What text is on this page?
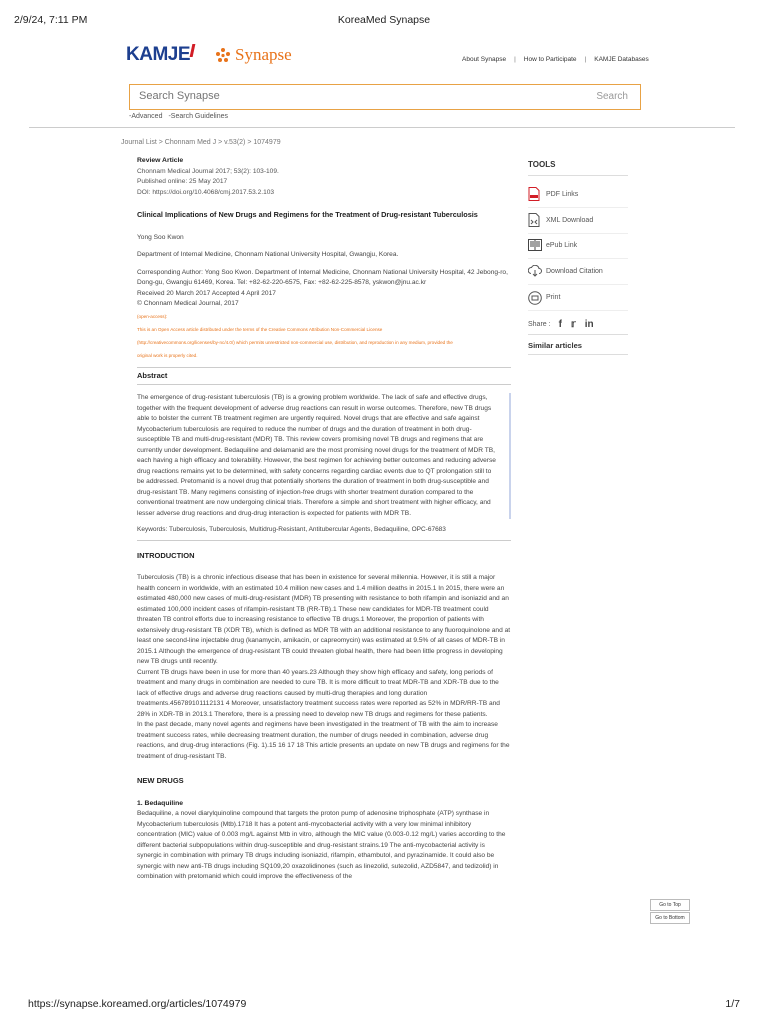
2/9/24, 7:11 PM	KoreaMed Synapse
KAMJE	Synapse	About Synapse | How to Participate | KAMJE Databases
Search Synapse
Search
-Advanced -Search Guidelines
Journal List > Chonnam Med J > v.53(2) > 1074979
Review Article
Chonnam Medical Journal 2017; 53(2): 103-109.
Published online: 25 May 2017
DOI: https://doi.org/10.4068/cmj.2017.53.2.103
Clinical Implications of New Drugs and Regimens for the Treatment of Drug-resistant Tuberculosis
Yong Soo Kwon
Department of Internal Medicine, Chonnam National University Hospital, Gwangju, Korea.
Corresponding Author: Yong Soo Kwon. Department of Internal Medicine, Chonnam National University Hospital, 42 Jebong-ro, Dong-gu, Gwangju 61469, Korea. Tel: +82-62-220-6575, Fax: +82-62-225-8578, yskwon@jnu.ac.kr
Received 20 March 2017 Accepted 4 April 2017
© Chonnam Medical Journal, 2017
(open-access):
This is an Open Access article distributed under the terms of the Creative Commons Attribution Non-Commercial License
(http://creativecommons.org/licenses/by-nc/4.0/) which permits unrestricted non-commercial use, distribution, and reproduction in any medium, provided the
original work is properly cited.
Abstract
The emergence of drug-resistant tuberculosis (TB) is a growing problem worldwide. The lack of safe and effective drugs, together with the frequent development of adverse drug reactions can result in worse outcomes. Therefore, new TB drugs able to bolster the current TB treatment regimen are urgently required. Novel drugs that are effective and safe against Mycobacterium tuberculosis are required to reduce the number of drugs and the duration of treatment in both drug-susceptible TB and multi-drug-resistant (MDR) TB. This review covers promising novel TB drugs and regimens that are currently under development. Bedaquiline and delamanid are the most promising novel drugs for the treatment of MDR TB, each having a high efficacy and tolerability. However, the best regimen for achieving better outcomes and reducing adverse drug reactions remains yet to be determined, with safety concerns regarding cardiac events due to QT prolongation still to be addressed. Pretomanid is a novel drug that potentially shortens the duration of treatment in both drug-susceptible and drug-resistant TB. Many regimens consisting of injection-free drugs with shorter treatment duration compared to the conventional treatment are now undergoing clinical trials. Therefore a simple and short treatment with higher efficacy, and lesser adverse drug reactions and drug-drug interaction is expected for patients with MDR TB.
Keywords: Tuberculosis, Tuberculosis, Multidrug-Resistant, Antitubercular Agents, Bedaquiline, OPC-67683
INTRODUCTION
Tuberculosis (TB) is a chronic infectious disease that has been in existence for several millennia. However, it is still a major health concern in worldwide, with an estimated 10.4 million new cases and 1.4 million deaths in 2015.1 In 2015, there were an estimated 480,000 new cases of multi-drug-resistant (MDR) TB presenting with resistance to both rifampin and isoniazid and an estimated 100,000 incident cases of rifampin-resistant TB (RR-TB).1 These new candidates for MDR-TB treatment could threaten TB control efforts due to increasing resistance to effective TB drugs.1 Moreover, the proportion of patients with extensively drug-resistant TB (XDR TB), which is defined as MDR TB with an additional resistance to any fluoroquinolone and at least one second-line injectable drug (kanamycin, amikacin, or capreomycin) was estimated at 9.5% of all cases of MDR-TB in 2015.1 Although the emergence of drug-resistant TB could threaten global health, there had been little progress in developing new TB drugs until recently.
Current TB drugs have been in use for more than 40 years.23 Although they show high efficacy and safety, long periods of treatment and many drugs in combination are needed to cure TB. It is more difficult to treat MDR-TB and XDR-TB due to the lack of effective drugs and adverse drug reactions caused by multi-drug therapies and long duration treatments.456789101112131 4 Moreover, unsatisfactory treatment success rates were reported as 52% in MDR/RR-TB and 28% in XDR-TB in 2013.1 Therefore, there is a pressing need to develop new TB drugs and regimens for these patients.
In the past decade, many novel agents and regimens have been investigated in the treatment of TB with the aim to increase treatment success rates, while decreasing treatment duration, the number of drugs needed in combination, adverse drug reactions, and drug-drug interactions (Fig. 1).15 16 17 18 This article presents an update on new TB drugs and regimens for the treatment of drug-resistant TB.
NEW DRUGS
1. Bedaquiline
Bedaquiline, a novel diarylquinoline compound that targets the proton pump of adenosine triphosphate (ATP) synthase in Mycobacterium tuberculosis (Mtb).1718 It has a potent anti-mycobacterial activity with a very low minimal inhibitory concentration (MIC) value of 0.003 mg/L against Mtb in vitro, although the MIC value (0.003-0.12 mg/L) varies according to the different bacterial subpopulations within drug-susceptible and drug-resistant strains.19 The anti-mycobacterial activity is synergic in combination with primary TB drugs including isoniazid, rifampin, ethambutol, and pyrazinamide. It could also be synergic with new anti-TB drugs including SQ109,20 oxazolidinones (such as linezolid, sutezolid, AZD5847, and tedizolid) in combination with pretomanid which could improve the effectiveness of the
TOOLS
PDF Links
XML Download
ePub Link
Download Citation
Print
Share : f 𝕣 in
Similar articles
Go to Top
Go to Bottom
https://synapse.koreamed.org/articles/1074979	1/7
